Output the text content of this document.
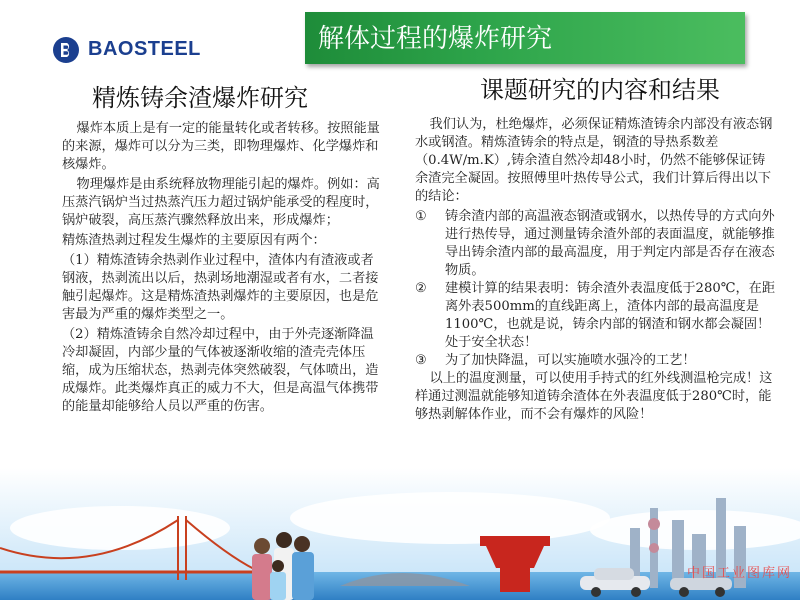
BAOSTEEL	解体过程的爆炸研究
精炼铸余渣爆炸研究	课题研究的内容和结果

爆炸本质上是有一定的能量转化或者转移。按照能量的来源，爆炸可以分为三类，即物理爆炸、化学爆炸和核爆炸。

物理爆炸是由系统释放物理能引起的爆炸。例如：高压蒸汽锅炉当过热蒸汽压力超过锅炉能承受的程度时，锅炉破裂，高压蒸汽骤然释放出来，形成爆炸；

精炼渣热剥过程发生爆炸的主要原因有两个：

（1）精炼渣铸余热剥作业过程中，渣体内有渣液或者钢液，热剥流出以后，热剥场地潮湿或者有水，二者接触引起爆炸。这是精炼渣热剥爆炸的主要原因，也是危害最为严重的爆炸类型之一。

（2）精炼渣铸余自然冷却过程中，由于外壳逐渐降温冷却凝固，内部少量的气体被逐渐收缩的渣壳壳体压缩，成为压缩状态，热剥壳体突然破裂，气体喷出，造成爆炸。此类爆炸真正的威力不大，但是高温气体携带的能量却能够给人员以严重的伤害。

我们认为，杜绝爆炸，必须保证精炼渣铸余内部没有液态钢水或钢渣。精炼渣铸余的特点是，钢渣的导热系数差（0.4W/m.K）,铸余渣自然冷却48小时，仍然不能够保证铸余渣完全凝固。按照傅里叶热传导公式，我们计算后得出以下的结论：

①	铸余渣内部的高温液态钢渣或钢水，以热传导的方式向外进行热传导，通过测量铸余渣外部的表面温度，就能够推导出铸余渣内部的最高温度，用于判定内部是否存在液态物质。
②	建模计算的结果表明：铸余渣外表温度低于280℃，在距离外表500mm的直线距离上，渣体内部的最高温度是1100℃，也就是说，铸余内部的钢渣和钢水都会凝固！处于安全状态！
③	为了加快降温，可以实施喷水强冷的工艺！

以上的温度测量，可以使用手持式的红外线测温枪完成！这样通过测温就能够知道铸余渣体在外表温度低于280℃时，能够热剥解体作业，而不会有爆炸的风险！

中国工业图库网
